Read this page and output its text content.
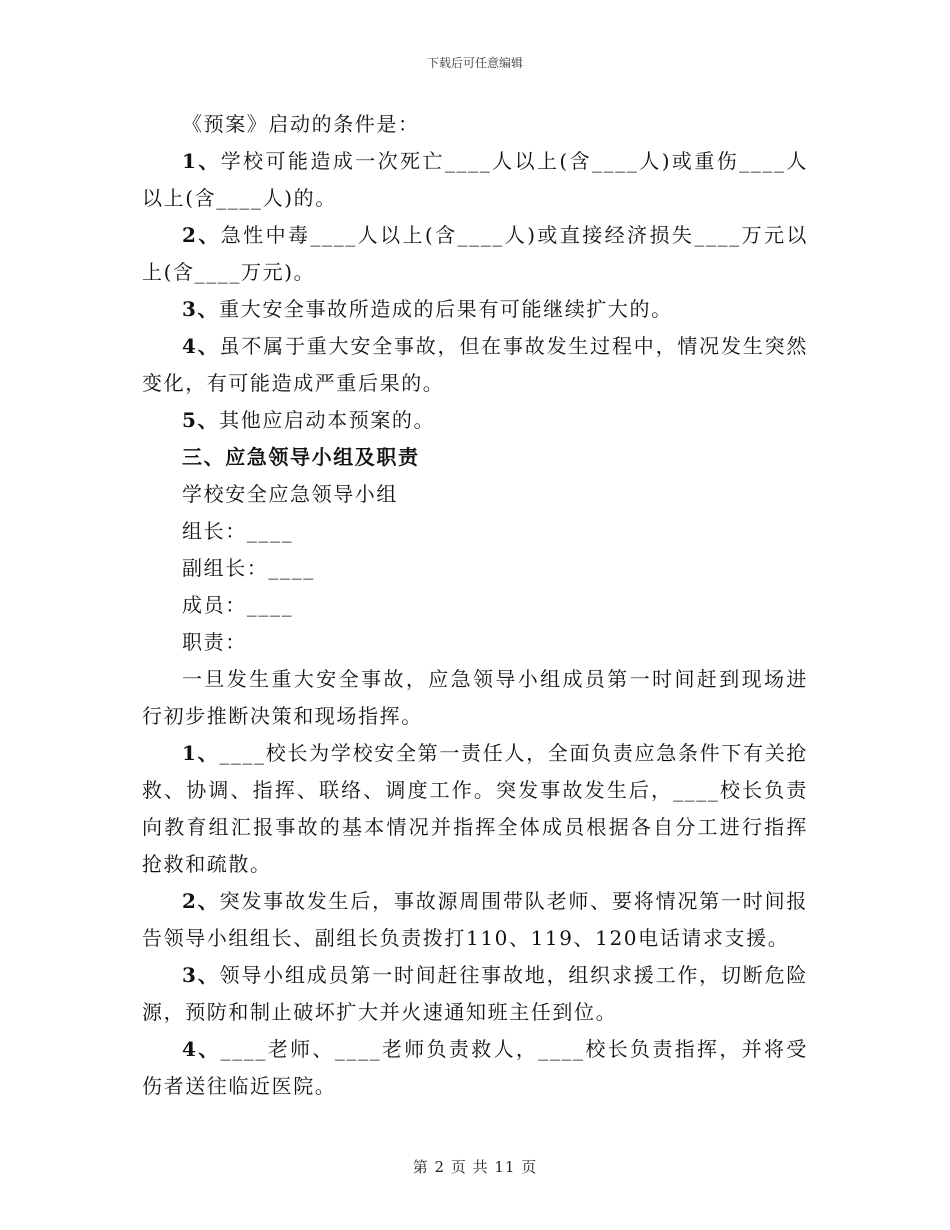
下载后可任意编辑

《预案》启动的条件是：

1、学校可能造成一次死亡____人以上(含____人)或重伤____人以上(含____人)的。

2、急性中毒____人以上(含____人)或直接经济损失____万元以上(含____万元)。

3、重大安全事故所造成的后果有可能继续扩大的。

4、虽不属于重大安全事故，但在事故发生过程中，情况发生突然变化，有可能造成严重后果的。

5、其他应启动本预案的。

三、应急领导小组及职责

学校安全应急领导小组

组长：____

副组长：____

成员：____

职责：

一旦发生重大安全事故，应急领导小组成员第一时间赶到现场进行初步推断决策和现场指挥。

1、____校长为学校安全第一责任人，全面负责应急条件下有关抢救、协调、指挥、联络、调度工作。突发事故发生后，____校长负责向教育组汇报事故的基本情况并指挥全体成员根据各自分工进行指挥抢救和疏散。

2、突发事故发生后，事故源周围带队老师、要将情况第一时间报告领导小组组长、副组长负责拨打110、119、120电话请求支援。

3、领导小组成员第一时间赶往事故地，组织求援工作，切断危险源，预防和制止破坏扩大并火速通知班主任到位。

4、____老师、____老师负责救人，____校长负责指挥，并将受伤者送往临近医院。

第 2 页 共 11 页
